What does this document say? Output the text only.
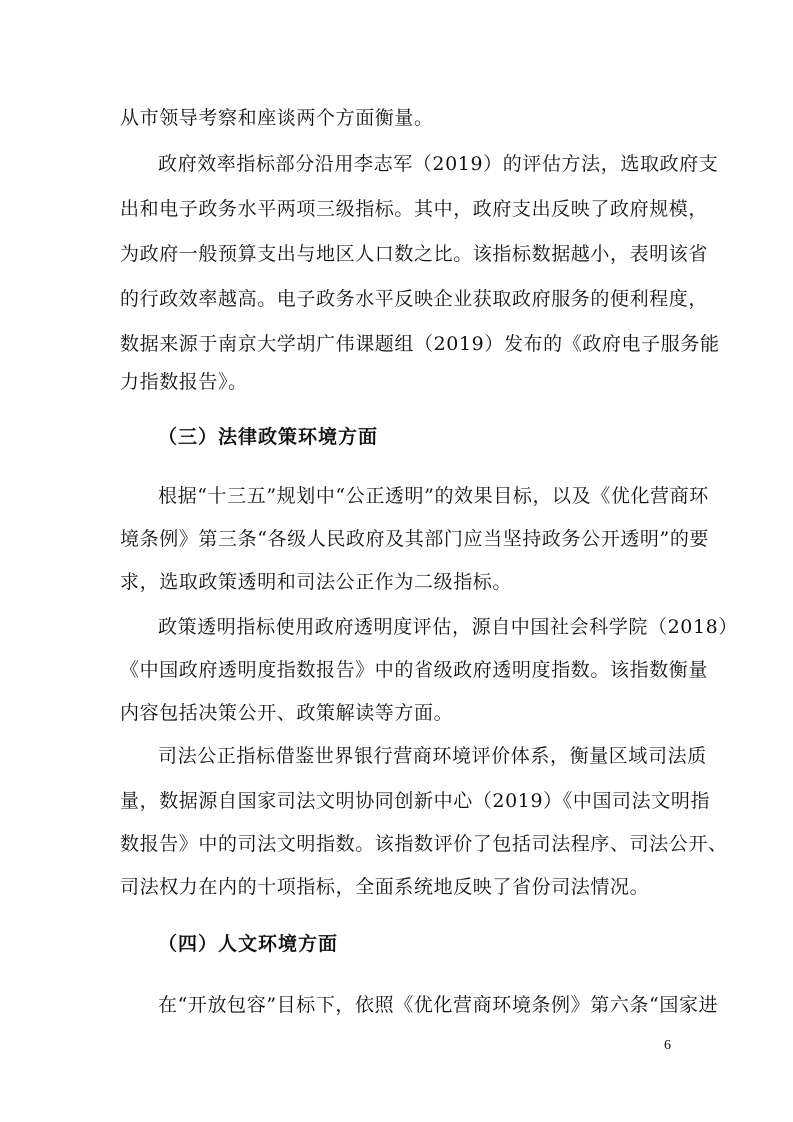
从市领导考察和座谈两个方面衡量。
政府效率指标部分沿用李志军（2019）的评估方法，选取政府支
出和电子政务水平两项三级指标。其中，政府支出反映了政府规模，
为政府一般预算支出与地区人口数之比。该指标数据越小，表明该省
的行政效率越高。电子政务水平反映企业获取政府服务的便利程度，
数据来源于南京大学胡广伟课题组（2019）发布的《政府电子服务能
力指数报告》。
（三）法律政策环境方面
根据“十三五”规划中“公正透明”的效果目标，以及《优化营商环
境条例》第三条“各级人民政府及其部门应当坚持政务公开透明”的要
求，选取政策透明和司法公正作为二级指标。
政策透明指标使用政府透明度评估，源自中国社会科学院（2018）
《中国政府透明度指数报告》中的省级政府透明度指数。该指数衡量
内容包括决策公开、政策解读等方面。
司法公正指标借鉴世界银行营商环境评价体系，衡量区域司法质
量，数据源自国家司法文明协同创新中心（2019）《中国司法文明指
数报告》中的司法文明指数。该指数评价了包括司法程序、司法公开、
司法权力在内的十项指标，全面系统地反映了省份司法情况。
（四）人文环境方面
在“开放包容”目标下，依照《优化营商环境条例》第六条“国家进
6
